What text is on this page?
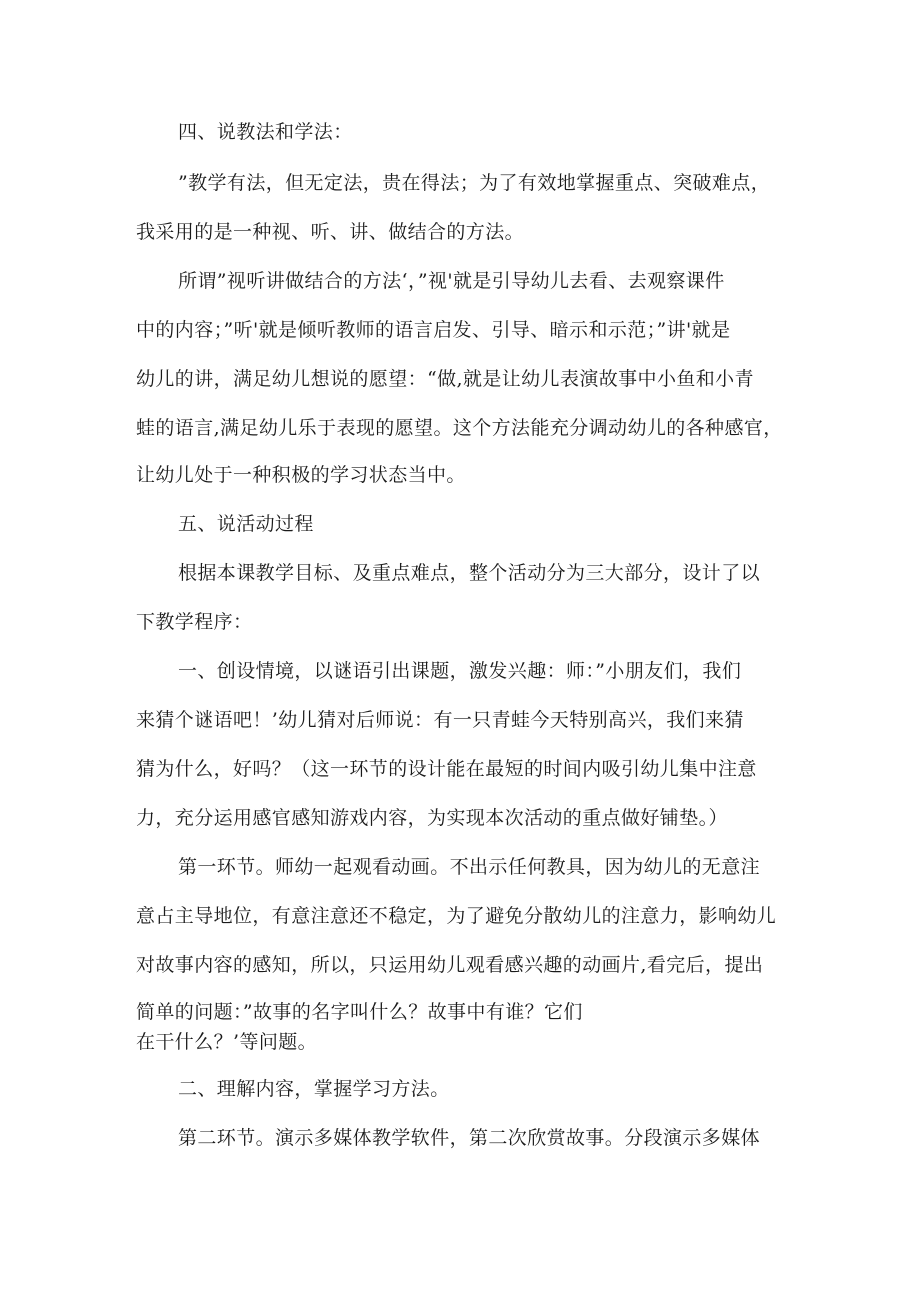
四、说教法和学法：
”教学有法，但无定法，贵在得法；为了有效地掌握重点、突破难点，
我采用的是一种视、听、讲、做结合的方法。
所谓”视听讲做结合的方法‘，”视'就是引导幼儿去看、去观察课件
中的内容；”听'就是倾听教师的语言启发、引导、暗示和示范；”讲'就是
幼儿的讲，满足幼儿想说的愿望：“做,就是让幼儿表演故事中小鱼和小青
蛙的语言,满足幼儿乐于表现的愿望。这个方法能充分调动幼儿的各种感官，
让幼儿处于一种积极的学习状态当中。
五、说活动过程
根据本课教学目标、及重点难点，整个活动分为三大部分，设计了以
下教学程序：
一、创设情境，以谜语引出课题，激发兴趣：师：”小朋友们，我们
来猜个谜语吧！’幼儿猜对后师说：有一只青蛙今天特别高兴，我们来猜
猜为什么，好吗？（这一环节的设计能在最短的时间内吸引幼儿集中注意
力，充分运用感官感知游戏内容，为实现本次活动的重点做好铺垫。）
第一环节。师幼一起观看动画。不出示任何教具，因为幼儿的无意注
意占主导地位，有意注意还不稳定，为了避免分散幼儿的注意力，影响幼儿
对故事内容的感知，所以，只运用幼儿观看感兴趣的动画片,看完后，提出
简单的问题：”故事的名字叫什么？故事中有谁？它们
在干什么？’等问题。
二、理解内容，掌握学习方法。
第二环节。演示多媒体教学软件，第二次欣赏故事。分段演示多媒体
